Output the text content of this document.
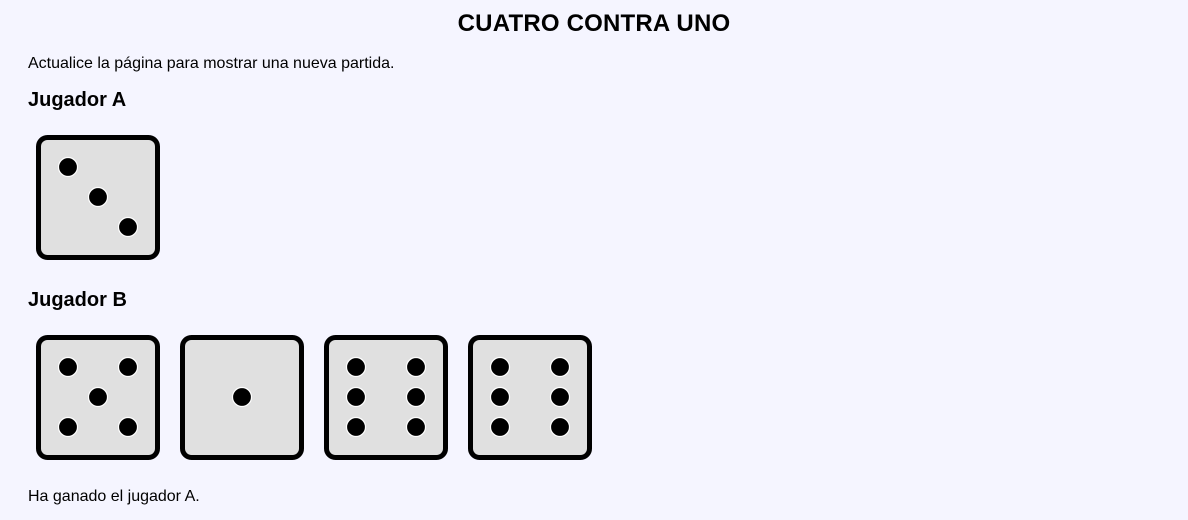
CUATRO CONTRA UNO

Actualice la página para mostrar una nueva partida.

Jugador A
Jugador B

Ha ganado el jugador A.
